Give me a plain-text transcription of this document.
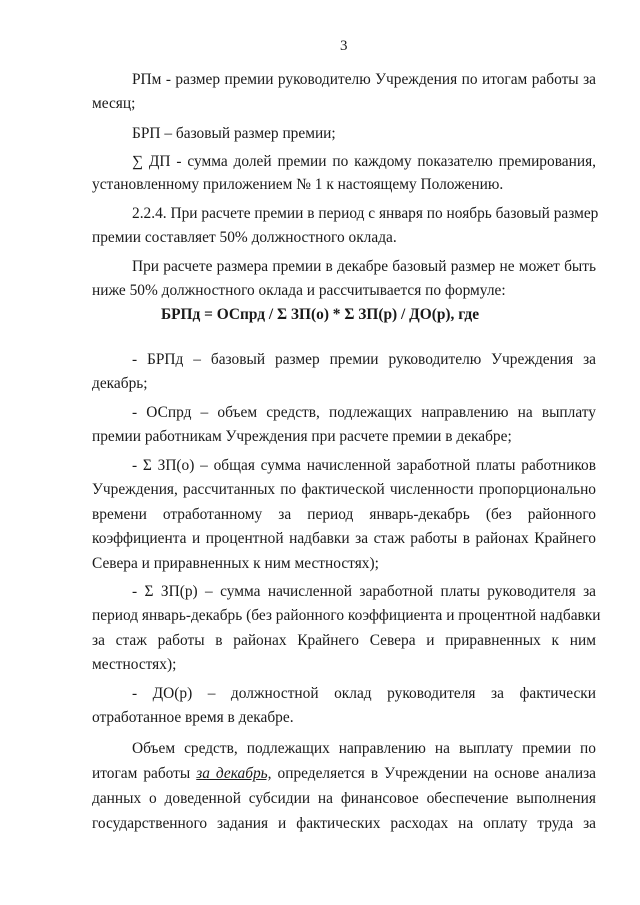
3
РПм - размер премии руководителю Учреждения по итогам работы за
месяц;
БРП – базовый размер премии;
∑ ДП - сумма долей премии по каждому показателю премирования,
установленному приложением № 1 к настоящему Положению.
2.2.4. При расчете премии в период с января по ноябрь базовый размер
премии составляет 50% должностного оклада.
При расчете размера премии в декабре базовый размер не может быть
ниже 50% должностного оклада и рассчитывается по формуле:
БРПд = ОСпрд / Σ ЗП(о) * Σ ЗП(р) / ДО(р), где
- БРПд – базовый размер премии руководителю Учреждения за
декабрь;
- ОСпрд – объем средств, подлежащих направлению на выплату
премии работникам Учреждения при расчете премии в декабре;
- Σ ЗП(о) – общая сумма начисленной заработной платы работников
Учреждения, рассчитанных по фактической численности пропорционально
времени отработанному за период январь-декабрь (без районного
коэффициента и процентной надбавки за стаж работы в районах Крайнего
Севера и приравненных к ним местностях);
- Σ ЗП(р) – сумма начисленной заработной платы руководителя за
период январь-декабрь (без районного коэффициента и процентной надбавки
за стаж работы в районах Крайнего Севера и приравненных к ним
местностях);
- ДО(р) – должностной оклад руководителя за фактически
отработанное время в декабре.
Объем средств, подлежащих направлению на выплату премии по
итогам работы за декабрь, определяется в Учреждении на основе анализа
данных о доведенной субсидии на финансовое обеспечение выполнения
государственного задания и фактических расходах на оплату труда за
